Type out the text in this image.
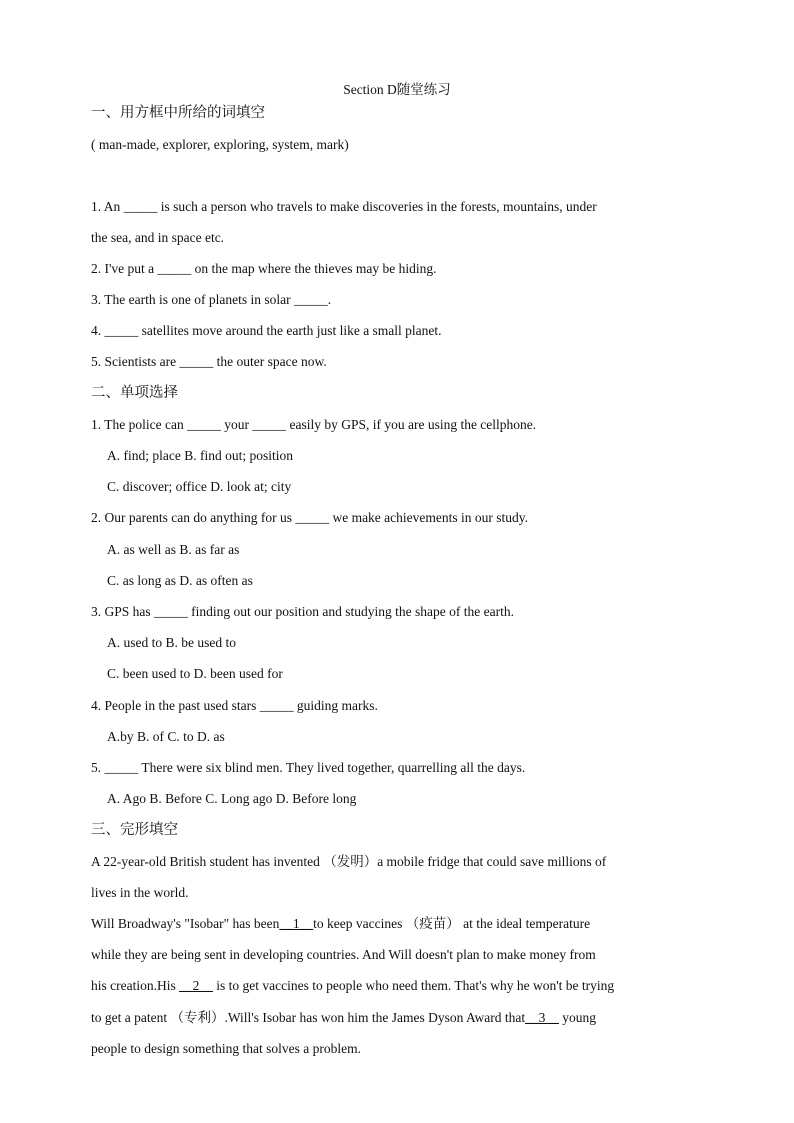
Section D随堂练习
一、用方框中所给的词填空
( man-made, explorer, exploring, system, mark)
1. An _____ is such a person who travels to make discoveries in the forests, mountains, under
the sea, and in space etc.
2. I've put a _____ on the map where the thieves may be hiding.
3. The earth is one of planets in solar _____.
4. _____ satellites move around the earth just like a small planet.
5. Scientists are _____ the outer space now.
二、单项选择
1. The police can _____ your _____ easily by GPS, if you are using the cellphone.
A. find; place B. find out; position
C. discover; office D. look at; city
2. Our parents can do anything for us _____ we make achievements in our study.
A. as well as B. as far as
C. as long as D. as often as
3. GPS has _____ finding out our position and studying the shape of the earth.
A. used to B. be used to
C. been used to D. been used for
4. People in the past used stars _____ guiding marks.
A.by B. of C. to D. as
5. _____ There were six blind men. They lived together, quarrelling all the days.
A. Ago B. Before C. Long ago D. Before long
三、完形填空
A 22-year-old British student has invented （发明）a mobile fridge that could save millions of
lives in the world.
Will Broadway's "Isobar" has been__1__to keep vaccines （疫苗） at the ideal temperature
while they are being sent in developing countries. And Will doesn't plan to make money from
his creation.His __2__ is to get vaccines to people who need them. That's why he won't be trying
to get a patent （专利）.Will's Isobar has won him the James Dyson Award that__3__ young
people to design something that solves a problem.
